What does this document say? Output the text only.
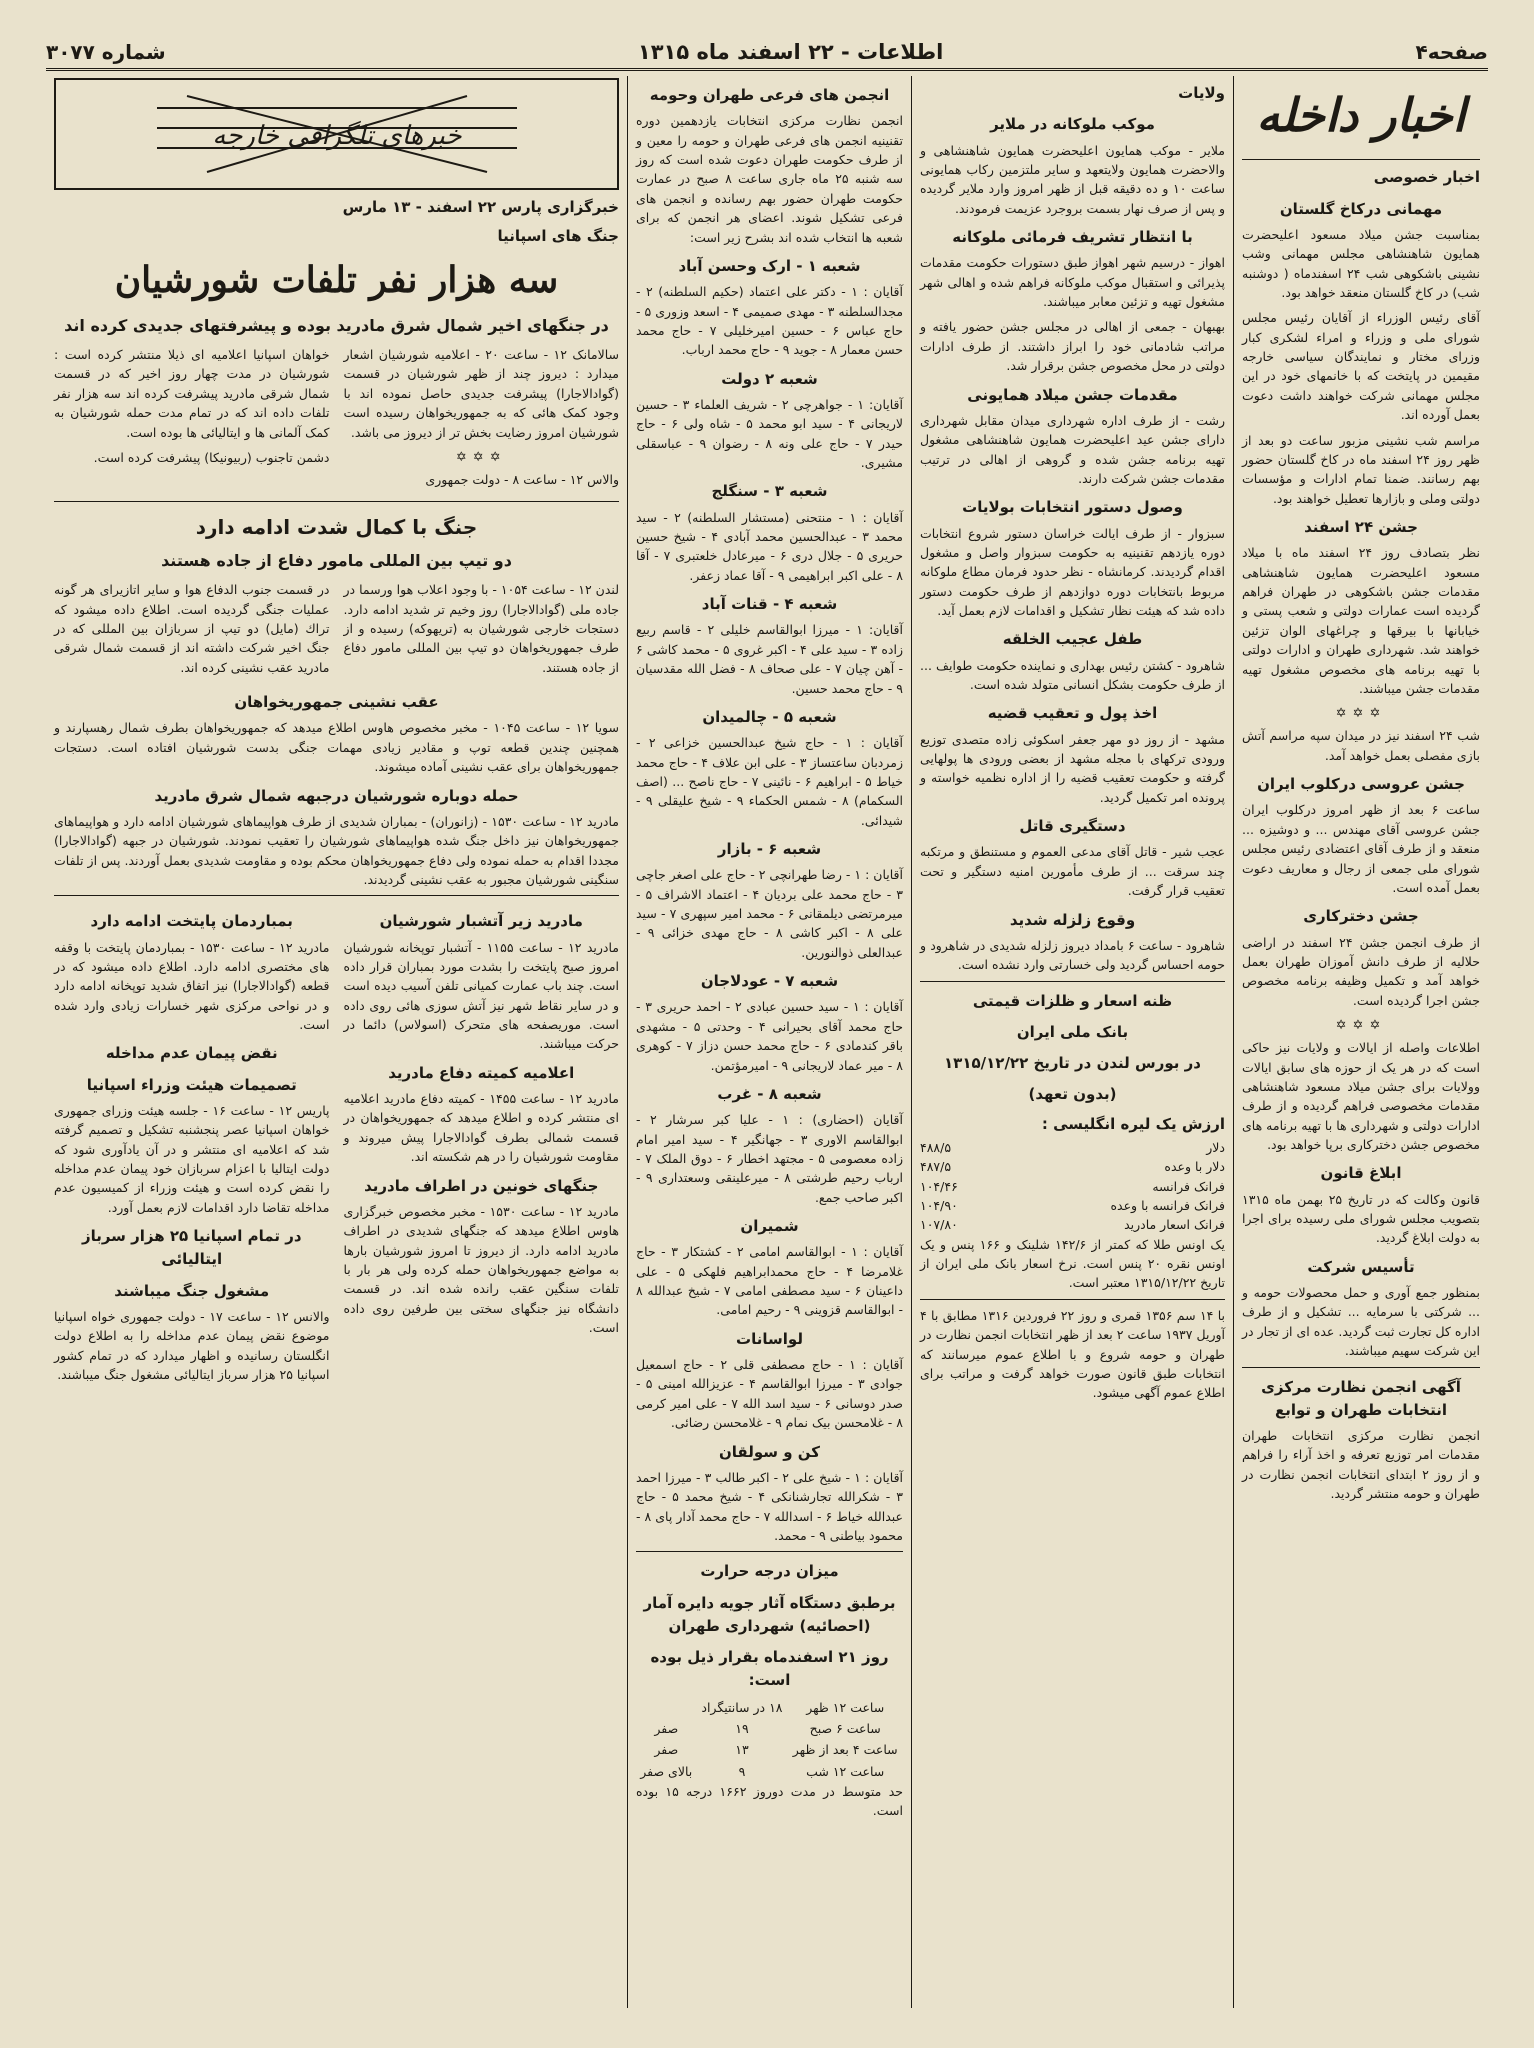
صفحه۴
اطلاعات - ۲۲ اسفند ماه ۱۳۱۵
شماره ۳۰۷۷
اخبار داخله
اخبار خصوصی
مهمانی درکاخ گلستان

بمناسبت جشن میلاد مسعود اعلیحضرت همایون شاهنشاهی مجلس مهمانی وشب نشینی باشکوهی شب ۲۴ اسفندماه ( دوشنبه شب) در کاخ گلستان منعقد خواهد بود.

آقای رئیس الوزراء از آقایان رئیس مجلس شورای ملی و وزراء و امراء لشکری کبار وزرای مختار و نمایندگان سیاسی خارجه مقیمین در پایتخت که با خانمهای خود در این مجلس مهمانی شرکت خواهند داشت دعوت بعمل آورده اند.

مراسم شب نشینی مزبور ساعت دو بعد از ظهر روز ۲۴ اسفند ماه در کاخ گلستان حضور بهم رسانند. ضمنا تمام ادارات و مؤسسات دولتی وملی و بازارها تعطیل خواهند بود.

جشن ۲۴ اسفند

نظر بتصادف روز ۲۴ اسفند ماه با میلاد مسعود اعلیحضرت همایون شاهنشاهی مقدمات جشن باشکوهی در طهران فراهم گردیده است عمارات دولتی و شعب پستی و خیابانها با بیرقها و چراغهای الوان تزئین خواهند شد. شهرداری طهران و ادارات دولتی با تهیه برنامه های مخصوص مشغول تهیه مقدمات جشن میباشند.

✡✡✡

شب ۲۴ اسفند نیز در میدان سپه مراسم آتش بازی مفصلی بعمل خواهد آمد.

جشن عروسی درکلوب ایران

ساعت ۶ بعد از ظهر امروز درکلوب ایران جشن عروسی آقای مهندس ... و دوشیزه ... منعقد و از طرف آقای اعتضادی رئیس مجلس شورای ملی جمعی از رجال و معاریف دعوت بعمل آمده است.

جشن دخترکاری

از طرف انجمن جشن ۲۴ اسفند در اراضی حلالیه از طرف دانش آموزان طهران بعمل خواهد آمد و تکمیل وظیفه برنامه مخصوص جشن اجرا گردیده است.

✡✡✡

اطلاعات واصله از ایالات و ولایات نیز حاکی است که در هر یک از حوزه های سابق ایالات وولایات برای جشن میلاد مسعود شاهنشاهی مقدمات مخصوصی فراهم گردیده و از طرف ادارات دولتی و شهرداری ها با تهیه برنامه های مخصوص جشن دخترکاری برپا خواهد بود.

ابلاغ قانون

قانون وکالت که در تاریخ ۲۵ بهمن ماه ۱۳۱۵ بتصویب مجلس شورای ملی رسیده برای اجرا به دولت ابلاغ گردید.

تأسیس شرکت

بمنظور جمع آوری و حمل محصولات حومه و ... شرکتی با سرمایه ... تشکیل و از طرف اداره کل تجارت ثبت گردید. عده ای از تجار در این شرکت سهیم میباشند.

آگهی انجمن نظارت مرکزی انتخابات طهران و توابع

انجمن نظارت مرکزی انتخابات طهران مقدمات امر توزیع تعرفه و اخذ آراء را فراهم و از روز ۲ ابتدای انتخابات انجمن نظارت در طهران و حومه منتشر گردید.

ولایات
موکب ملوکانه در ملایر

ملایر - موکب همایون اعلیحضرت همایون شاهنشاهی و والاحضرت همایون ولایتعهد و سایر ملتزمین رکاب همایونی ساعت ۱۰ و ده دقیقه قبل از ظهر امروز وارد ملایر گردیده و پس از صرف نهار بسمت بروجرد عزیمت فرمودند.

با انتظار تشریف فرمائی ملوکانه

اهواز - درسیم شهر اهواز طبق دستورات حکومت مقدمات پذیرائی و استقبال موکب ملوکانه فراهم شده و اهالی شهر مشغول تهیه و تزئین معابر میباشند.

بهبهان - جمعی از اهالی در مجلس جشن حضور یافته و مراتب شادمانی خود را ابراز داشتند. از طرف ادارات دولتی در محل مخصوص جشن برقرار شد.

مقدمات جشن میلاد همایونی

رشت - از طرف اداره شهرداری میدان مقابل شهرداری دارای جشن عید اعلیحضرت همایون شاهنشاهی مشغول تهیه برنامه جشن شده و گروهی از اهالی در ترتیب مقدمات جشن شرکت دارند.

وصول دستور انتخابات بولایات

سبزوار - از طرف ایالت خراسان دستور شروع انتخابات دوره یازدهم تقنینیه به حکومت سبزوار واصل و مشغول اقدام گردیدند. کرمانشاه - نظر حدود فرمان مطاع ملوکانه مربوط بانتخابات دوره دوازدهم از طرف حکومت دستور داده شد که هیئت نظار تشکیل و اقدامات لازم بعمل آید.

طفل عجیب الخلقه

شاهرود - کشتن رئیس بهداری و نماینده حکومت طوایف ... از طرف حکومت بشکل انسانی متولد شده است.

اخذ پول و تعقیب قضیه

مشهد - از روز دو مهر جعفر اسکوئی زاده متصدی توزیع ورودی ترکهای با مجله مشهد از بعضی ورودی ها پولهایی گرفته و حکومت تعقیب قضیه را از اداره نظمیه خواسته و پرونده امر تکمیل گردید.

دستگیری قاتل

عجب شیر - قاتل آقای مدعی العموم و مستنطق و مرتکبه چند سرقت ... از طرف مأمورین امنیه دستگیر و تحت تعقیب قرار گرفت.

وقوع زلزله شدید

شاهرود - ساعت ۶ بامداد دیروز زلزله شدیدی در شاهرود و حومه احساس گردید ولی خسارتی وارد نشده است.

ظنه اسعار و ظلزات قیمتی
بانک ملی ایران
در بورس لندن در تاریخ ۱۳۱۵/۱۲/۲۲
(بدون تعهد)
ارزش یک لیره انگلیسی :
دلار
۴۸۸/۵
دلار با وعده
۴۸۷/۵
فرانک فرانسه
۱۰۴/۴۶
فرانک فرانسه با وعده
۱۰۴/۹۰
فرانک اسعار مادرید
۱۰۷/۸۰

یک اونس طلا که کمتر از ۱۴۲/۶ شلینک و ۱۶۶ پنس و یک اونس نقره ۲۰ پنس است. نرخ اسعار بانک ملی ایران از تاریخ ۱۳۱۵/۱۲/۲۲ معتبر است.

با ۱۴ سم ۱۳۵۶ قمری و روز ۲۲ فروردین ۱۳۱۶ مطابق با ۴ آوریل ۱۹۳۷ ساعت ۲ بعد از ظهر انتخابات انجمن نظارت در طهران و حومه شروع و با اطلاع عموم میرسانند که انتخابات طبق قانون صورت خواهد گرفت و مراتب برای اطلاع عموم آگهی میشود.

انجمن های فرعی طهران وحومه

انجمن نظارت مرکزی انتخابات یازدهمین دوره تقنینیه انجمن های فرعی طهران و حومه را معین و از طرف حکومت طهران دعوت شده است که روز سه شنبه ۲۵ ماه جاری ساعت ۸ صبح در عمارت حکومت طهران حضور بهم رسانده و انجمن های فرعی تشکیل شوند. اعضای هر انجمن که برای شعبه ها انتخاب شده اند بشرح زیر است:

شعبه ۱ - ارک وحسن آباد

آقایان : ۱ - دکتر علی اعتماد (حکیم السلطنه) ۲ - مجدالسلطنه ۳ - مهدی صمیمی ۴ - اسعد وزوری ۵ - حاج عباس ۶ - حسین امیرخلیلی ۷ - حاج محمد حسن معمار ۸ - جوید ۹ - حاج محمد ارباب.

شعبه ۲ دولت

آقایان: ۱ - جواهرچی ۲ - شریف العلماء ۳ - حسین لاریجانی ۴ - سید ابو محمد ۵ - شاه ولی ۶ - حاج حیدر ۷ - حاج علی ونه ۸ - رضوان ۹ - عباسقلی مشیری.

شعبه ۳ - سنگلج

آقایان : ۱ - منتحنی (مستشار السلطنه) ۲ - سید محمد ۳ - عبدالحسین محمد آبادی ۴ - شیخ حسین حریری ۵ - جلال دری ۶ - میرعادل خلعتبری ۷ - آقا ۸ - علی اکبر ابراهیمی ۹ - آقا عماد زعفر.

شعبه ۴ - قنات آباد

آقایان: ۱ - میرزا ابوالقاسم خلیلی ۲ - قاسم ربیع زاده ۳ - سید علی ۴ - اکبر غروی ۵ - محمد کاشی ۶ - آهن چیان ۷ - علی صحاف ۸ - فضل الله مقدسیان ۹ - حاج محمد حسین.

شعبه ۵ - چالمیدان

آقایان : ۱ - حاج شیخ عبدالحسین خزاعی ۲ - زمردبان ساعتساز ۳ - علی ابن علاف ۴ - حاج محمد خیاط ۵ - ابراهیم ۶ - نائینی ۷ - حاج ناصح ... (اصف السکمام) ۸ - شمس الحکماء ۹ - شیخ علیقلی ۹ - شیدائی.

شعبه ۶ - بازار

آقایان : ۱ - رضا طهرانچی ۲ - حاج علی اصغر جاچی ۳ - حاج محمد علی بردیان ۴ - اعتماد الاشراف ۵ - میرمرتضی دیلمقانی ۶ - محمد امیر سپهری ۷ - سید علی ۸ - اکبر کاشی ۸ - حاج مهدی خزائی ۹ - عبدالعلی ذوالنورین.

شعبه ۷ - عودلاجان

آقایان : ۱ - سید حسین عبادی ۲ - احمد حریری ۳ - حاج محمد آقای بحیرانی ۴ - وحدتی ۵ - مشهدی باقر کندمادی ۶ - حاج محمد حسن دزاز ۷ - کوهری ۸ - میر عماد لاریجانی ۹ - امیرمؤتمن.

شعبه ۸ - غرب

آقایان (احضاری) : ۱ - علیا کبر سرشار ۲ - ابوالقاسم الاوری ۳ - جهانگیر ۴ - سید امیر امام زاده معصومی ۵ - مجتهد اخطار ۶ - دوق الملک ۷ - ارباب رحیم طرشتی ۸ - میرعلینقی وسعتداری ۹ - اکبر صاحب جمع.

شمیران

آقایان : ۱ - ابوالقاسم امامی ۲ - کشتکار ۳ - حاج غلامرضا ۴ - حاج محمدابراهیم فلهکی ۵ - علی داعینان ۶ - سید مصطفی امامی ۷ - شیخ عبدالله ۸ - ابوالقاسم قزوینی ۹ - رحیم امامی.

لواسانات

آقایان : ۱ - حاج مصطفی قلی ۲ - حاج اسمعیل جوادی ۳ - میرزا ابوالقاسم ۴ - عزیزالله امینی ۵ - صدر دوسانی ۶ - سید اسد الله ۷ - علی امیر کرمی ۸ - غلامحسن بیک نمام ۹ - غلامحسن رضائی.

کن و سولقان

آقایان : ۱ - شیخ علی ۲ - اکبر طالب ۳ - میرزا احمد ۳ - شکرالله تجارشنانکی ۴ - شیخ محمد ۵ - حاج عبدالله خیاط ۶ - اسدالله ۷ - حاج محمد آدار پای ۸ - محمود بیاطنی ۹ - محمد.

میزان درجه حرارت
برطبق دستگاه آثار جویه دایره آمار (احصائیه) شهرداری طهران
روز ۲۱ اسفندماه بقرار ذیل بوده است:
ساعت ۱۲ ظهر	۱۸ در سانتیگراد	
ساعت ۶ صبح	۱۹	صفر
ساعت ۴ بعد از ظهر	۱۳	صفر
ساعت ۱۲ شب	۹	بالای صفر

حد متوسط در مدت دوروز ۱۶۶۲ درجه ۱۵ بوده است.

خبرهای تلگرافی خارجه
خبرگزاری پارس ۲۲ اسفند - ۱۳ مارس
جنگ های اسپانیا
سه هزار نفر تلفات شورشیان
در جنگهای اخیر شمال شرق مادرید بوده و پیشرفتهای جدیدی کرده اند

سالامانک ۱۲ - ساعت ۲۰ - اعلامیه شورشیان اشعار میدارد : دیروز چند از ظهر شورشیان در قسمت (گوادالاجارا) پیشرفت جدیدی حاصل نموده اند با وجود کمک هائی که به جمهوریخواهان رسیده است شورشیان امروز رضایت بخش تر از دیروز می باشد.

✡✡✡

والاس ۱۲ - ساعت ۸ - دولت جمهوری

خواهان اسپانیا اعلامیه ای ذیلا منتشر کرده است : شورشیان در مدت چهار روز اخیر که در قسمت شمال شرقی مادرید پیشرفت کرده اند سه هزار نفر تلفات داده اند که در تمام مدت حمله شورشیان به کمک آلمانی ها و ایتالیائی ها بوده است.

دشمن تاجنوب (ربیونیکا) پیشرفت کرده است.

جنگ با کمال شدت ادامه دارد
دو تیپ بین المللی مامور دفاع از جاده هستند

لندن ۱۲ - ساعت ۱۰۵۴ - با وجود اعلاب هوا ورسما در جاده ملی (گوادالاجارا) روز وخیم تر شدید ادامه دارد. دستجات خارجی شورشیان به (تریهوکه) رسیده و از طرف جمهوریخواهان دو تیپ بین المللی مامور دفاع از جاده هستند.

در قسمت جنوب الدفاع هوا و سایر اتازیرای هر گونه عملیات جنگی گردیده است. اطلاع داده میشود که تراك (مایل) دو تیپ از سربازان بین المللی که در جنگ اخیر شرکت داشته اند از قسمت شمال شرقی مادرید عقب نشینی کرده اند.

عقب نشینی جمهوریخواهان

سویا ۱۲ - ساعت ۱۰۴۵ - مخبر مخصوص هاوس اطلاع میدهد که جمهوریخواهان بطرف شمال رهسپارند و همچنین چندین قطعه توپ و مقادیر زیادی مهمات جنگی بدست شورشیان افتاده است. دستجات جمهوریخواهان برای عقب نشینی آماده میشوند.

حمله دوباره شورشیان درجبهه شمال شرق مادرید

مادرید ۱۲ - ساعت ۱۵۳۰ - (زانوران) - بمباران شدیدی از طرف هواپیماهای شورشیان ادامه دارد و هواپیماهای جمهوریخواهان نیز داخل جنگ شده هواپیماهای شورشیان را تعقیب نمودند. شورشیان در جبهه (گوادالاجارا) مجددا اقدام به حمله نموده ولی دفاع جمهوریخواهان محکم بوده و مقاومت شدیدی بعمل آوردند. پس از تلفات سنگینی شورشیان مجبور به عقب نشینی گردیدند.

مادرید زیر آتشبار شورشیان

مادرید ۱۲ - ساعت ۱۱۵۵ - آتشبار توپخانه شورشیان امروز صبح پایتخت را بشدت مورد بمباران قرار داده است. چند باب عمارت کمیانی تلفن آسیب دیده است و در سایر نقاط شهر نیز آتش سوزی هائی روی داده است. موریصفحه های متحرک (اسولاس) دائما در حرکت میباشند.

اعلامیه کمیته دفاع مادرید

مادرید ۱۲ - ساعت ۱۴۵۵ - کمیته دفاع مادرید اعلامیه ای منتشر کرده و اطلاع میدهد که جمهوریخواهان در قسمت شمالی بطرف گوادالاجارا پیش میروند و مقاومت شورشیان را در هم شکسته اند.

جنگهای خونین در اطراف مادرید

مادرید ۱۲ - ساعت ۱۵۳۰ - مخبر مخصوص خبرگزاری هاوس اطلاع میدهد که جنگهای شدیدی در اطراف مادرید ادامه دارد. از دیروز تا امروز شورشیان بارها به مواضع جمهوریخواهان حمله کرده ولی هر بار با تلفات سنگین عقب رانده شده اند. در قسمت دانشگاه نیز جنگهای سختی بین طرفین روی داده است.

بمباردمان پایتخت ادامه دارد

مادرید ۱۲ - ساعت ۱۵۳۰ - بمباردمان پایتخت با وقفه های مختصری ادامه دارد. اطلاع داده میشود که در قطعه (گوادالاجارا) نیز اتفاق شدید توپخانه ادامه دارد و در نواحی مرکزی شهر خسارات زیادی وارد شده است.

نقض پیمان عدم مداخله
تصمیمات هیئت وزراء اسپانیا

پاریس ۱۲ - ساعت ۱۶ - جلسه هیئت وزرای جمهوری خواهان اسپانیا عصر پنجشنبه تشکیل و تصمیم گرفته شد که اعلامیه ای منتشر و در آن یادآوری شود که دولت ایتالیا با اعزام سربازان خود پیمان عدم مداخله را نقض کرده است و هیئت وزراء از کمیسیون عدم مداخله تقاضا دارد اقدامات لازم بعمل آورد.

در تمام اسپانیا ۲۵ هزار سرباز ایتالیائی
مشغول جنگ میباشند

والانس ۱۲ - ساعت ۱۷ - دولت جمهوری خواه اسپانیا موضوع نقض پیمان عدم مداخله را به اطلاع دولت انگلستان رسانیده و اظهار میدارد که در تمام کشور اسپانیا ۲۵ هزار سرباز ایتالیائی مشغول جنگ میباشند.
